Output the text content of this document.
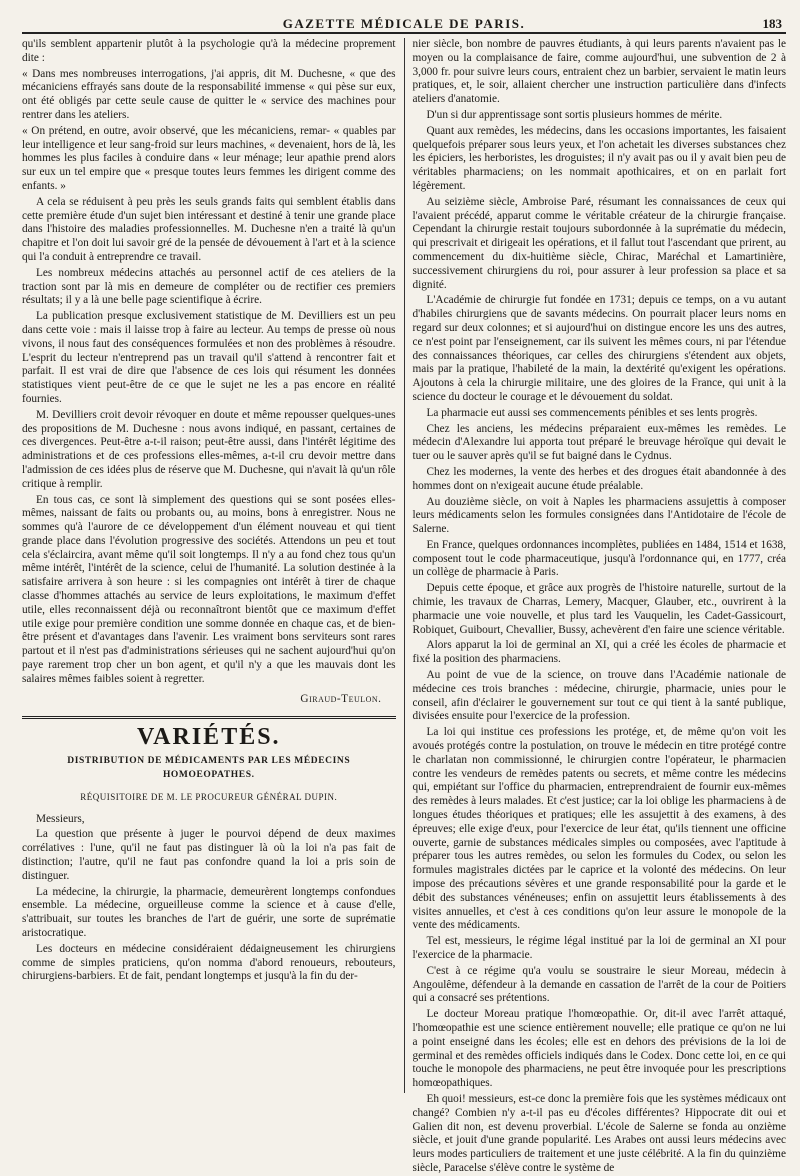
GAZETTE MÉDICALE DE PARIS.	183

qu'ils semblent appartenir plutôt à la psychologie qu'à la médecine proprement dite :

« Dans mes nombreuses interrogations, j'ai appris, dit M. Duchesne, « que des mécaniciens effrayés sans doute de la responsabilité immense « qui pèse sur eux, ont été obligés par cette seule cause de quitter le « service des machines pour rentrer dans les ateliers.

« On prétend, en outre, avoir observé, que les mécaniciens, remar- « quables par leur intelligence et leur sang-froid sur leurs machines, « devenaient, hors de là, les hommes les plus faciles à conduire dans « leur ménage; leur apathie prend alors sur eux un tel empire que « presque toutes leurs femmes les dirigent comme des enfants. »

A cela se réduisent à peu près les seuls grands faits qui semblent établis dans cette première étude d'un sujet bien intéressant et destiné à tenir une grande place dans l'histoire des maladies professionnelles. M. Duchesne n'en a traité là qu'un chapitre et l'on doit lui savoir gré de la pensée de dévouement à l'art et à la science qui l'a conduit à entreprendre ce travail.

Les nombreux médecins attachés au personnel actif de ces ateliers de la traction sont par là mis en demeure de compléter ou de rectifier ces premiers résultats; il y a là une belle page scientifique à écrire.

La publication presque exclusivement statistique de M. Devilliers est un peu dans cette voie : mais il laisse trop à faire au lecteur. Au temps de presse où nous vivons, il nous faut des conséquences formulées et non des problèmes à résoudre. L'esprit du lecteur n'entreprend pas un travail qu'il s'attend à rencontrer fait et parfait. Il est vrai de dire que l'absence de ces lois qui résument les données statistiques vient peut-être de ce que le sujet ne les a pas encore en réalité fournies.

M. Devilliers croit devoir révoquer en doute et même repousser quelques-unes des propositions de M. Duchesne : nous avons indiqué, en passant, certaines de ces divergences. Peut-être a-t-il raison; peut-être aussi, dans l'intérêt légitime des administrations et de ces professions elles-mêmes, a-t-il cru devoir mettre dans l'admission de ces idées plus de réserve que M. Duchesne, qui n'avait là qu'un rôle critique à remplir.

En tous cas, ce sont là simplement des questions qui se sont posées elles-mêmes, naissant de faits ou probants ou, au moins, bons à enregistrer. Nous ne sommes qu'à l'aurore de ce développement d'un élément nouveau et qui tient grande place dans l'évolution progressive des sociétés. Attendons un peu et tout cela s'éclaircira, avant même qu'il soit longtemps. Il n'y a au fond chez tous qu'un même intérêt, l'intérêt de la science, celui de l'humanité. La solution destinée à la satisfaire arrivera à son heure : si les compagnies ont intérêt à tirer de chaque classe d'hommes attachés au service de leurs exploitations, le maximum d'effet utile, elles reconnaissent déjà ou reconnaîtront bientôt que ce maximum d'effet utile exige pour première condition une somme donnée en chaque cas, et de bien-être présent et d'avantages dans l'avenir. Les vraiment bons serviteurs sont rares partout et il n'est pas d'administrations sérieuses qui ne sachent aujourd'hui qu'on paye rarement trop cher un bon agent, et qu'il n'y a que les mauvais dont les salaires mêmes faibles soient à regretter.

Giraud-Teulon.
VARIÉTÉS.
DISTRIBUTION DE MÉDICAMENTS PAR LES MÉDECINS HOMOEOPATHES.
RÉQUISITOIRE DE M. LE PROCUREUR GÉNÉRAL DUPIN.

Messieurs,

La question que présente à juger le pourvoi dépend de deux maximes corrélatives : l'une, qu'il ne faut pas distinguer là où la loi n'a pas fait de distinction; l'autre, qu'il ne faut pas confondre quand la loi a pris soin de distinguer.

La médecine, la chirurgie, la pharmacie, demeurèrent longtemps confondues ensemble. La médecine, orgueilleuse comme la science et à cause d'elle, s'attribuait, sur toutes les branches de l'art de guérir, une sorte de suprématie aristocratique.

Les docteurs en médecine considéraient dédaigneusement les chirurgiens comme de simples praticiens, qu'on nomma d'abord renoueurs, rebouteurs, chirurgiens-barbiers. Et de fait, pendant longtemps et jusqu'à la fin du der-

nier siècle, bon nombre de pauvres étudiants, à qui leurs parents n'avaient pas le moyen ou la complaisance de faire, comme aujourd'hui, une subvention de 2 à 3,000 fr. pour suivre leurs cours, entraient chez un barbier, servaient le matin leurs pratiques, et, le soir, allaient chercher une instruction particulière dans d'infects ateliers d'anatomie.

D'un si dur apprentissage sont sortis plusieurs hommes de mérite.

Quant aux remèdes, les médecins, dans les occasions importantes, les faisaient quelquefois préparer sous leurs yeux, et l'on achetait les diverses substances chez les épiciers, les herboristes, les droguistes; il n'y avait pas ou il y avait bien peu de véritables pharmaciens; on les nommait apothicaires, et on en parlait fort légèrement.

Au seizième siècle, Ambroise Paré, résumant les connaissances de ceux qui l'avaient précédé, apparut comme le véritable créateur de la chirurgie française. Cependant la chirurgie restait toujours subordonnée à la suprématie du médecin, qui prescrivait et dirigeait les opérations, et il fallut tout l'ascendant que prirent, au commencement du dix-huitième siècle, Chirac, Maréchal et Lamartinière, successivement chirurgiens du roi, pour assurer à leur profession sa place et sa dignité.

L'Académie de chirurgie fut fondée en 1731; depuis ce temps, on a vu autant d'habiles chirurgiens que de savants médecins. On pourrait placer leurs noms en regard sur deux colonnes; et si aujourd'hui on distingue encore les uns des autres, ce n'est point par l'enseignement, car ils suivent les mêmes cours, ni par l'étendue des connaissances théoriques, car celles des chirurgiens s'étendent aux objets, mais par la pratique, l'habileté de la main, la dextérité qu'exigent les opérations. Ajoutons à cela la chirurgie militaire, une des gloires de la France, qui unit à la science du docteur le courage et le dévouement du soldat.

La pharmacie eut aussi ses commencements pénibles et ses lents progrès.

Chez les anciens, les médecins préparaient eux-mêmes les remèdes. Le médecin d'Alexandre lui apporta tout préparé le breuvage héroïque qui devait le tuer ou le sauver après qu'il se fut baigné dans le Cydnus.

Chez les modernes, la vente des herbes et des drogues était abandonnée à des hommes dont on n'exigeait aucune étude préalable.

Au douzième siècle, on voit à Naples les pharmaciens assujettis à composer leurs médicaments selon les formules consignées dans l'Antidotaire de l'école de Salerne.

En France, quelques ordonnances incomplètes, publiées en 1484, 1514 et 1638, composent tout le code pharmaceutique, jusqu'à l'ordonnance qui, en 1777, créa un collège de pharmacie à Paris.

Depuis cette époque, et grâce aux progrès de l'histoire naturelle, surtout de la chimie, les travaux de Charras, Lemery, Macquer, Glauber, etc., ouvrirent à la pharmacie une voie nouvelle, et plus tard les Vauquelin, les Cadet-Gassicourt, Robiquet, Guibourt, Chevallier, Bussy, achevèrent d'en faire une science véritable.

Alors apparut la loi de germinal an XI, qui a créé les écoles de pharmacie et fixé la position des pharmaciens.

Au point de vue de la science, on trouve dans l'Académie nationale de médecine ces trois branches : médecine, chirurgie, pharmacie, unies pour le conseil, afin d'éclairer le gouvernement sur tout ce qui tient à la santé publique, divisées ensuite pour l'exercice de la profession.

La loi qui institue ces professions les protége, et, de même qu'on voit les avoués protégés contre la postulation, on trouve le médecin en titre protégé contre le charlatan non commissionné, le chirurgien contre l'opérateur, le pharmacien contre les vendeurs de remèdes patents ou secrets, et même contre les médecins qui, empiétant sur l'office du pharmacien, entreprendraient de fournir eux-mêmes des remèdes à leurs malades. Et c'est justice; car la loi oblige les pharmaciens à de longues études théoriques et pratiques; elle les assujettit à des examens, à des épreuves; elle exige d'eux, pour l'exercice de leur état, qu'ils tiennent une officine ouverte, garnie de substances médicales simples ou composées, avec l'aptitude à préparer tous les autres remèdes, ou selon les formules du Codex, ou selon les formules magistrales dictées par le caprice et la volonté des médecins. On leur impose des précautions sévères et une grande responsabilité pour la garde et le débit des substances vénéneuses; enfin on assujettit leurs établissements à des visites annuelles, et c'est à ces conditions qu'on leur assure le monopole de la vente des médicaments.

Tel est, messieurs, le régime légal institué par la loi de germinal an XI pour l'exercice de la pharmacie.

C'est à ce régime qu'a voulu se soustraire le sieur Moreau, médecin à Angoulême, défendeur à la demande en cassation de l'arrêt de la cour de Poitiers qui a consacré ses prétentions.

Le docteur Moreau pratique l'homœopathie. Or, dit-il avec l'arrêt attaqué, l'homœopathie est une science entièrement nouvelle; elle pratique ce qu'on ne lui a point enseigné dans les écoles; elle est en dehors des prévisions de la loi de germinal et des remèdes officiels indiqués dans le Codex. Donc cette loi, en ce qui touche le monopole des pharmaciens, ne peut être invoquée pour les prescriptions homœopathiques.

Eh quoi! messieurs, est-ce donc la première fois que les systèmes médicaux ont changé? Combien n'y a-t-il pas eu d'écoles différentes? Hippocrate dit oui et Galien dit non, est devenu proverbial. L'école de Salerne se fonda au onzième siècle, et jouit d'une grande popularité. Les Arabes ont aussi leurs médecins avec leurs modes particuliers de traitement et une juste célébrité. A la fin du quinzième siècle, Paracelse s'élève contre le système de
